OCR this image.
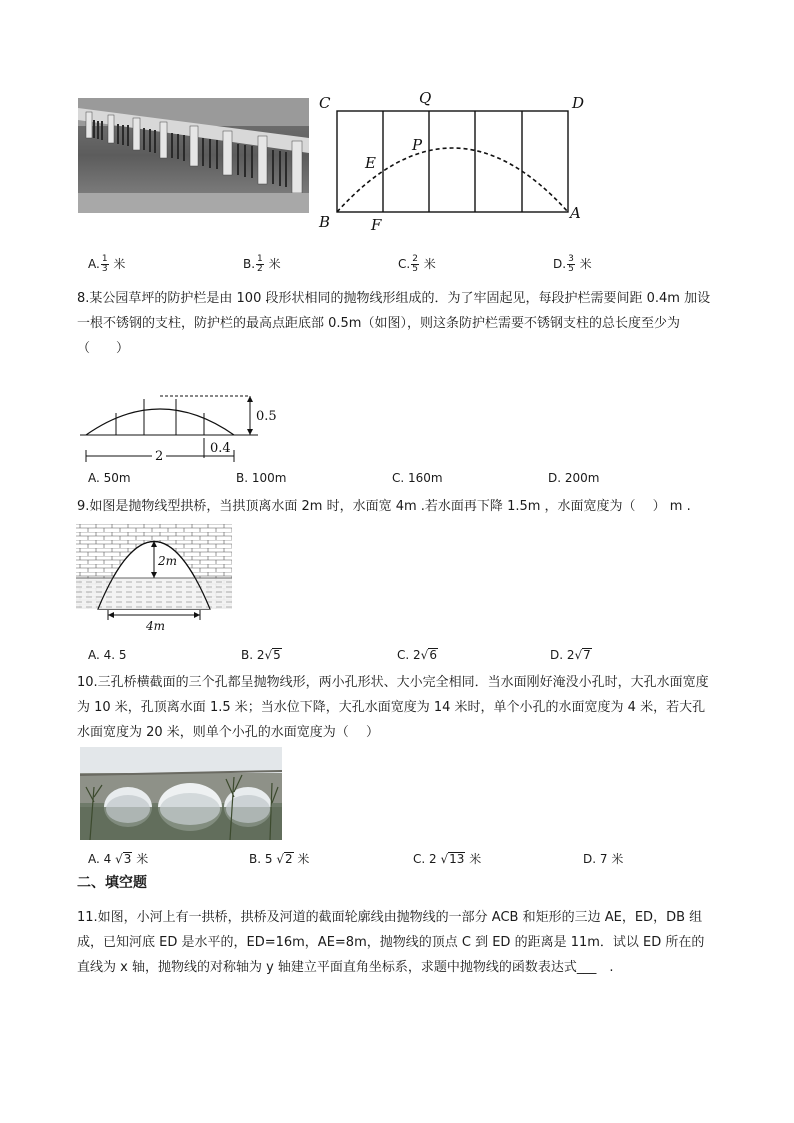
C	Q	D
E
P
B	F
A
A. $\frac{1}{3}$ 米	B. $\frac{1}{2}$ 米	C. $\frac{2}{5}$ 米	D. $\frac{3}{5}$ 米
8.某公园草坪的防护栏是由 100 段形状相同的抛物线形组成的．为了牢固起见，每段护栏需要间距 0.4m 加设一根不锈钢的支柱，防护栏的最高点距底部 0.5m（如图），则这条防护栏需要不锈钢支柱的总长度至少为（　　）
0.5
2
0.4
A. 50m	B. 100m	C. 160m	D. 200m
9.如图是抛物线型拱桥，当拱顶离水面 2m 时，水面宽 4m .若水面再下降 1.5m ，水面宽度为（　 ） m .
2m
4m
A. 4. 5	B. 2√5	C. 2√6	D. 2√7
10.三孔桥横截面的三个孔都呈抛物线形，两小孔形状、大小完全相同．当水面刚好淹没小孔时，大孔水面宽度为 10 米，孔顶离水面 1.5 米；当水位下降，大孔水面宽度为 14 米时，单个小孔的水面宽度为 4 米，若大孔水面宽度为 20 米，则单个小孔的水面宽度为（　 ）
A. 4 √3 米	B. 5 √2 米	C. 2 √13 米	D. 7 米
二、填空题
11.如图，小河上有一拱桥，拱桥及河道的截面轮廓线由抛物线的一部分 ACB 和矩形的三边 AE，ED，DB 组成，已知河底 ED 是水平的，ED=16m，AE=8m，抛物线的顶点 C 到 ED 的距离是 11m．试以 ED 所在的直线为 x 轴，抛物线的对称轴为 y 轴建立平面直角坐标系，求题中抛物线的函数表达式___　.
